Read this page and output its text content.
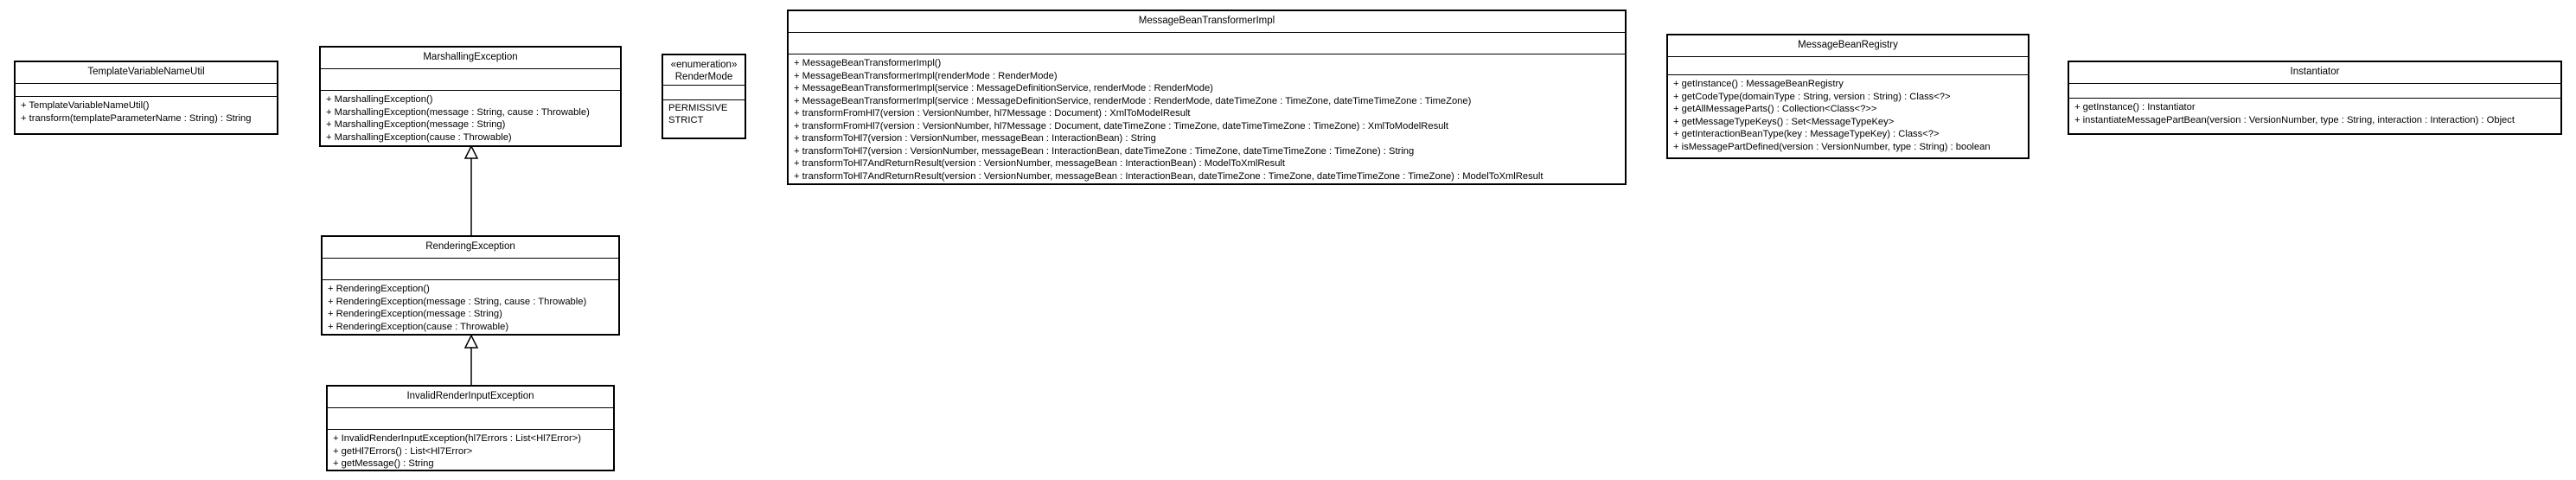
TemplateVariableNameUtil
+ TemplateVariableNameUtil()
+ transform(templateParameterName : String) : String
MarshallingException
+ MarshallingException()
+ MarshallingException(message : String, cause : Throwable)
+ MarshallingException(message : String)
+ MarshallingException(cause : Throwable)
«enumeration»
RenderMode
PERMISSIVE
STRICT
MessageBeanTransformerImpl
+ MessageBeanTransformerImpl()
+ MessageBeanTransformerImpl(renderMode : RenderMode)
+ MessageBeanTransformerImpl(service : MessageDefinitionService, renderMode : RenderMode)
+ MessageBeanTransformerImpl(service : MessageDefinitionService, renderMode : RenderMode, dateTimeZone : TimeZone, dateTimeTimeZone : TimeZone)
+ transformFromHl7(version : VersionNumber, hl7Message : Document) : XmlToModelResult
+ transformFromHl7(version : VersionNumber, hl7Message : Document, dateTimeZone : TimeZone, dateTimeTimeZone : TimeZone) : XmlToModelResult
+ transformToHl7(version : VersionNumber, messageBean : InteractionBean) : String
+ transformToHl7(version : VersionNumber, messageBean : InteractionBean, dateTimeZone : TimeZone, dateTimeTimeZone : TimeZone) : String
+ transformToHl7AndReturnResult(version : VersionNumber, messageBean : InteractionBean) : ModelToXmlResult
+ transformToHl7AndReturnResult(version : VersionNumber, messageBean : InteractionBean, dateTimeZone : TimeZone, dateTimeTimeZone : TimeZone) : ModelToXmlResult
MessageBeanRegistry
+ getInstance() : MessageBeanRegistry
+ getCodeType(domainType : String, version : String) : Class<?>
+ getAllMessageParts() : Collection<Class<?>>
+ getMessageTypeKeys() : Set<MessageTypeKey>
+ getInteractionBeanType(key : MessageTypeKey) : Class<?>
+ isMessagePartDefined(version : VersionNumber, type : String) : boolean
Instantiator
+ getInstance() : Instantiator
+ instantiateMessagePartBean(version : VersionNumber, type : String, interaction : Interaction) : Object
RenderingException
+ RenderingException()
+ RenderingException(message : String, cause : Throwable)
+ RenderingException(message : String)
+ RenderingException(cause : Throwable)
InvalidRenderInputException
+ InvalidRenderInputException(hl7Errors : List<Hl7Error>)
+ getHl7Errors() : List<Hl7Error>
+ getMessage() : String
